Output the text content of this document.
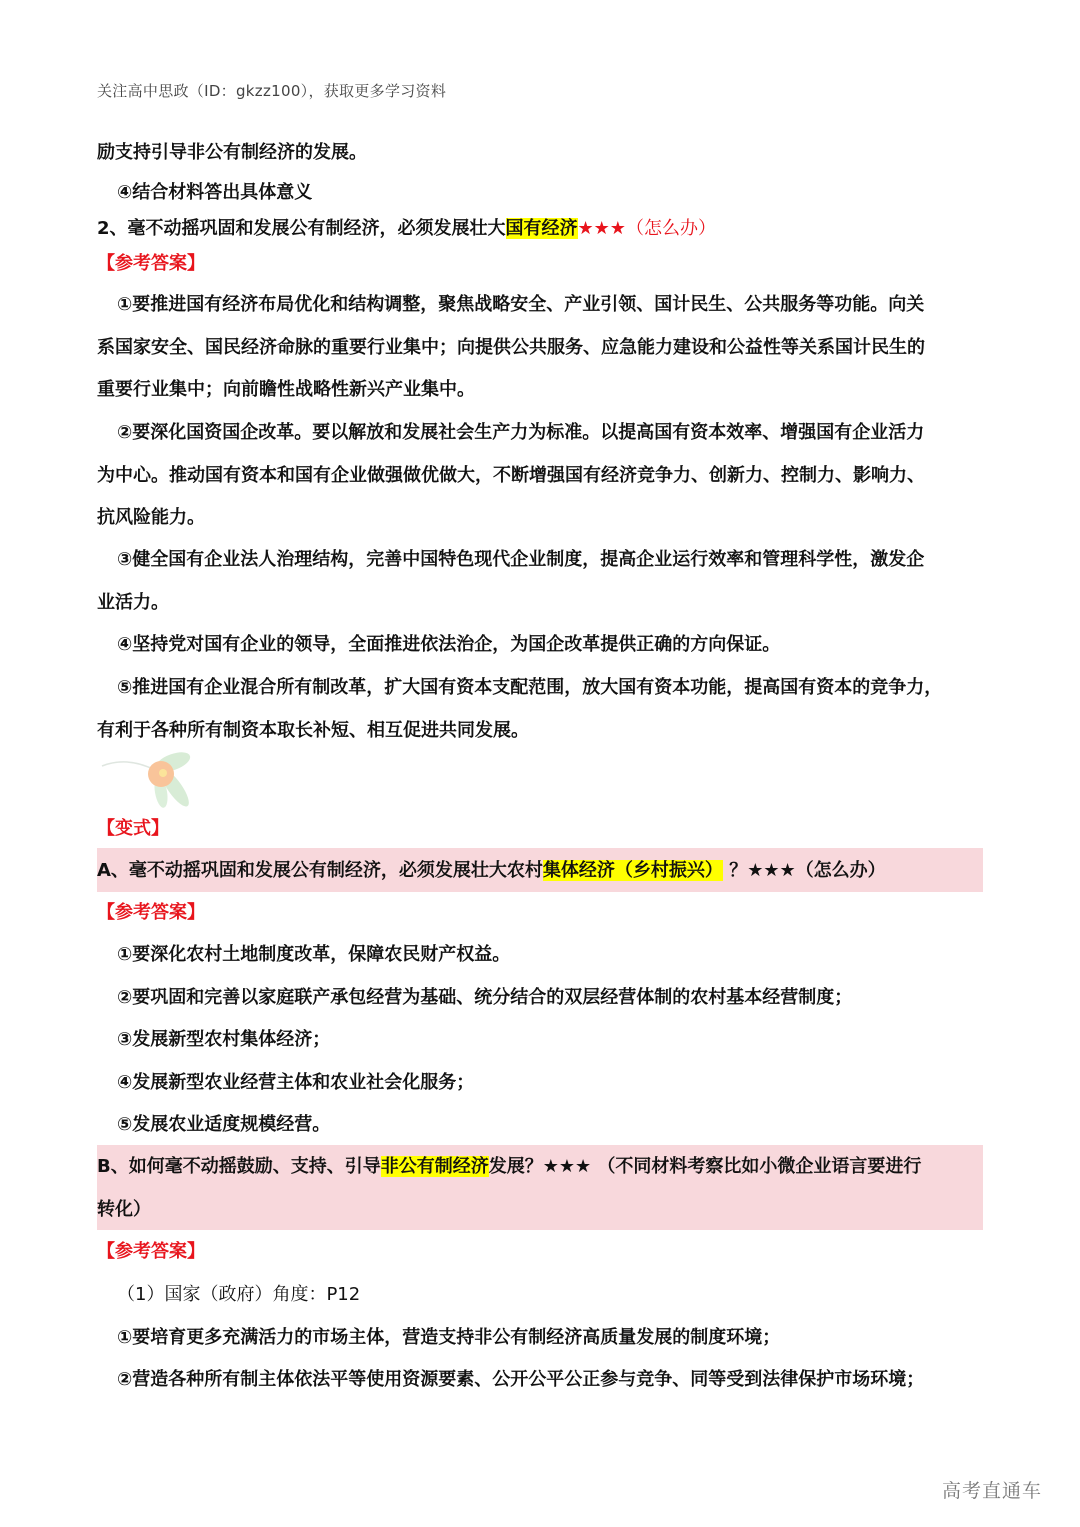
关注高中思政（ID：gkzz100），获取更多学习资料
励支持引导非公有制经济的发展。
④结合材料答出具体意义
2、毫不动摇巩固和发展公有制经济，必须发展壮大国有经济★★★（怎么办）
【参考答案】
①要推进国有经济布局优化和结构调整，聚焦战略安全、产业引领、国计民生、公共服务等功能。向关
系国家安全、国民经济命脉的重要行业集中；向提供公共服务、应急能力建设和公益性等关系国计民生的
重要行业集中；向前瞻性战略性新兴产业集中。
②要深化国资国企改革。要以解放和发展社会生产力为标准。以提高国有资本效率、增强国有企业活力
为中心。推动国有资本和国有企业做强做优做大，不断增强国有经济竞争力、创新力、控制力、影响力、
抗风险能力。
③健全国有企业法人治理结构，完善中国特色现代企业制度，提高企业运行效率和管理科学性，激发企
业活力。
④坚持党对国有企业的领导，全面推进依法治企，为国企改革提供正确的方向保证。
⑤推进国有企业混合所有制改革，扩大国有资本支配范围，放大国有资本功能，提高国有资本的竞争力，
有利于各种所有制资本取长补短、相互促进共同发展。
【变式】
A、毫不动摇巩固和发展公有制经济，必须发展壮大农村集体经济（乡村振兴） ？★★★（怎么办）
【参考答案】
①要深化农村土地制度改革，保障农民财产权益。
②要巩固和完善以家庭联产承包经营为基础、统分结合的双层经营体制的农村基本经营制度；
③发展新型农村集体经济；
④发展新型农业经营主体和农业社会化服务；
⑤发展农业适度规模经营。
B、如何毫不动摇鼓励、支持、引导非公有制经济发展？★★★ （不同材料考察比如小微企业语言要进行
转化）
【参考答案】
（1）国家（政府）角度：P12
①要培育更多充满活力的市场主体，营造支持非公有制经济高质量发展的制度环境；
②营造各种所有制主体依法平等使用资源要素、公开公平公正参与竞争、同等受到法律保护市场环境；
高考直通车
